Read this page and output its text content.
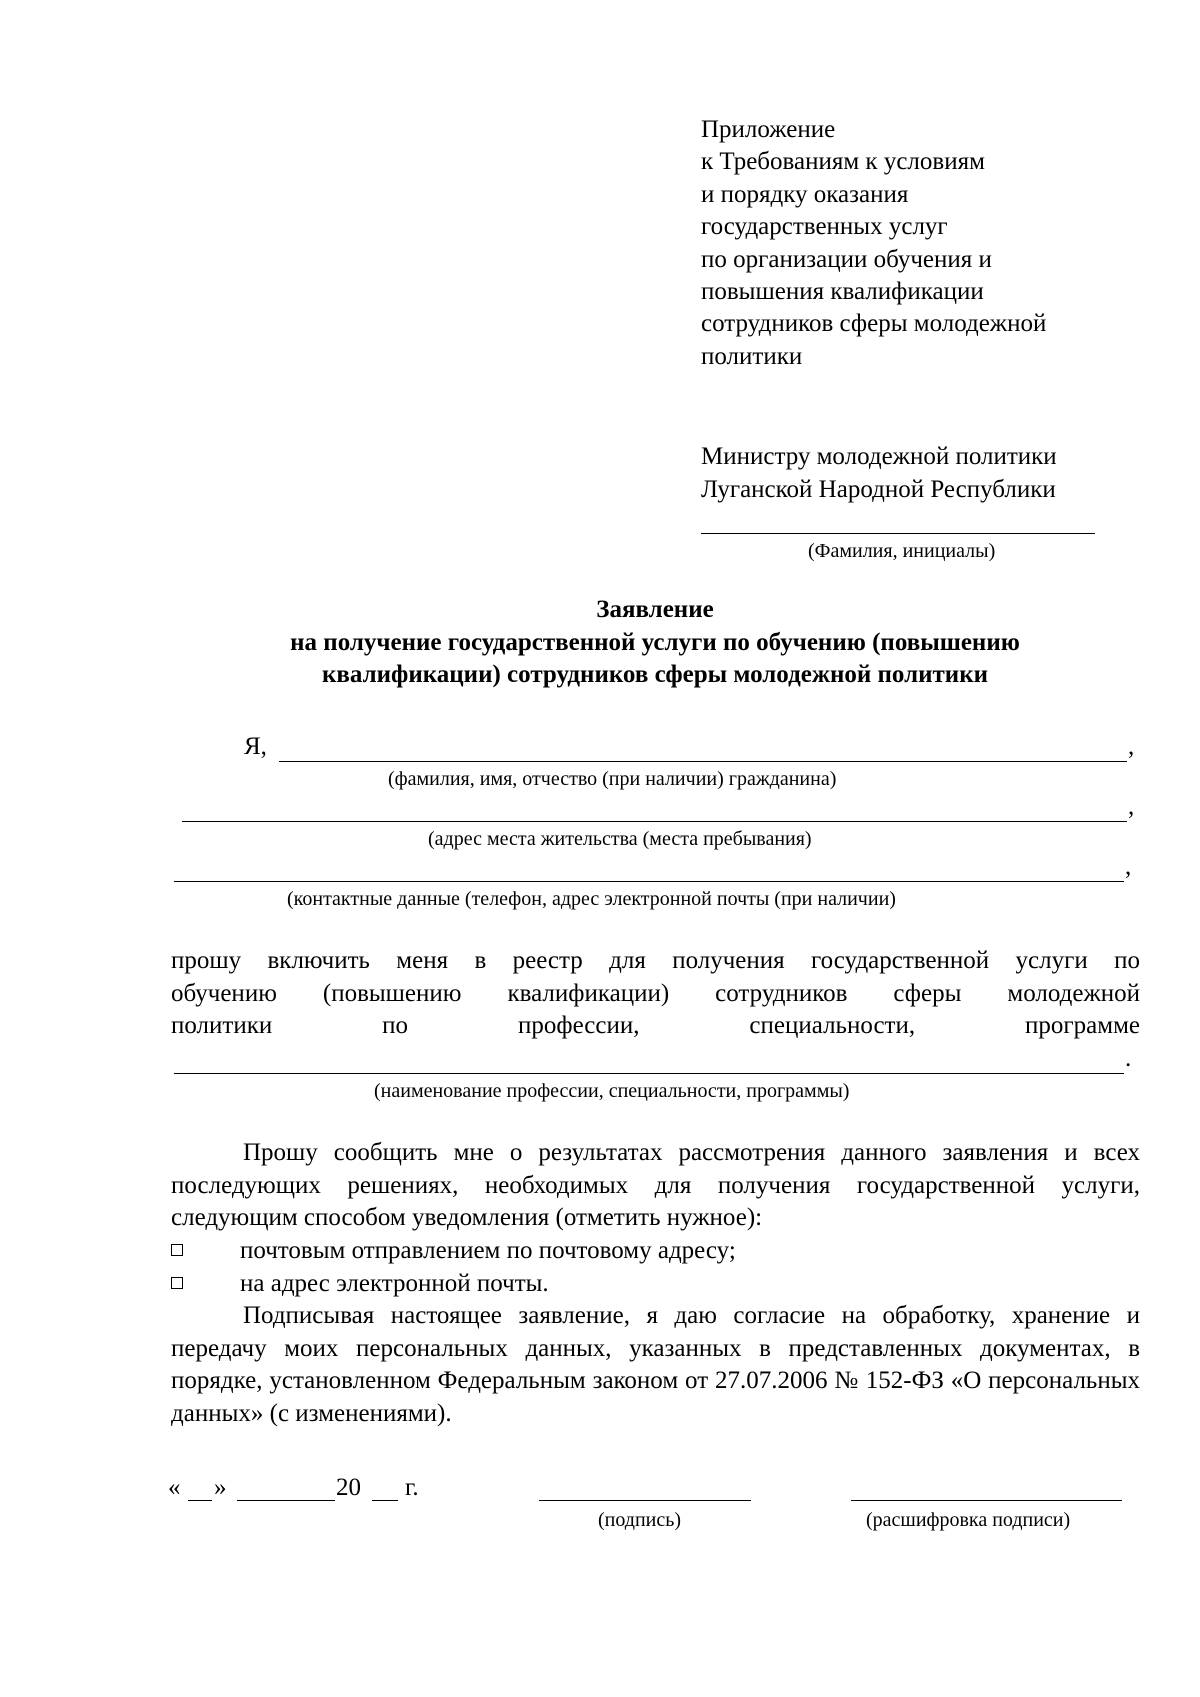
Приложение
к Требованиям к условиям
и порядку оказания
государственных услуг
по организации обучения и
повышения квалификации
сотрудников сферы молодежной
политики
Министру молодежной политики
Луганской Народной Республики
(Фамилия, инициалы)
Заявление
на получение государственной услуги по обучению (повышению
квалификации) сотрудников сферы молодежной политики
Я,	,
(фамилия, имя, отчество (при наличии) гражданина)
,
(адрес места жительства (места пребывания)
,
(контактные данные (телефон, адрес электронной почты (при наличии)
прошу включить меня в реестр для получения государственной услуги по
обучению (повышению квалификации) сотрудников сферы молодежной
политики по профессии, специальности, программе
.
(наименование профессии, специальности, программы)
Прошу сообщить мне о результатах рассмотрения данного заявления и всех последующих решениях, необходимых для получения государственной услуги, следующим способом уведомления (отметить нужное):
почтовым отправлением по почтовому адресу;
на адрес электронной почты.
Подписывая настоящее заявление, я даю согласие на обработку, хранение и передачу моих персональных данных, указанных в представленных документах, в порядке, установленном Федеральным законом от 27.07.2006 № 152-ФЗ «О персональных данных» (с изменениями).
« »	20 г.
(подпись)	(расшифровка подписи)
